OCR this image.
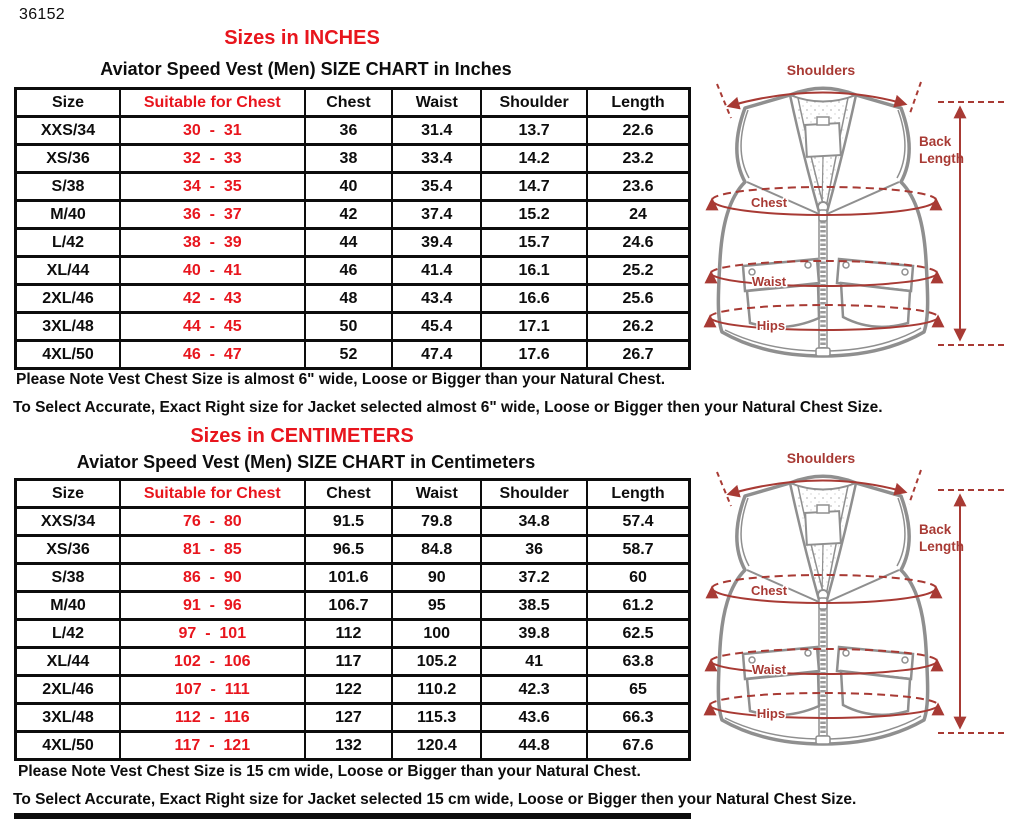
36152
Sizes in INCHES
Aviator Speed Vest (Men) SIZE CHART in Inches
Size	Suitable for Chest	Chest	Waist	Shoulder	Length
XXS/34	30  -  31	36	31.4	13.7	22.6
XS/36	32  -  33	38	33.4	14.2	23.2
S/38	34  -  35	40	35.4	14.7	23.6
M/40	36  -  37	42	37.4	15.2	24
L/42	38  -  39	44	39.4	15.7	24.6
XL/44	40  -  41	46	41.4	16.1	25.2
2XL/46	42  -  43	48	43.4	16.6	25.6
3XL/48	44  -  45	50	45.4	17.1	26.2
4XL/50	46  -  47	52	47.4	17.6	26.7

Please Note Vest Chest Size is almost 6" wide, Loose or Bigger than your Natural Chest.

To Select Accurate, Exact Right size for Jacket selected almost 6" wide, Loose or Bigger then your Natural Chest Size.

Sizes in CENTIMETERS
Aviator Speed Vest (Men) SIZE CHART in Centimeters
Size	Suitable for Chest	Chest	Waist	Shoulder	Length
XXS/34	76  -  80	91.5	79.8	34.8	57.4
XS/36	81  -  85	96.5	84.8	36	58.7
S/38	86  -  90	101.6	90	37.2	60
M/40	91  -  96	106.7	95	38.5	61.2
L/42	97  -  101	112	100	39.8	62.5
XL/44	102  -  106	117	105.2	41	63.8
2XL/46	107  -  111	122	110.2	42.3	65
3XL/48	112  -  116	127	115.3	43.6	66.3
4XL/50	117  -  121	132	120.4	44.8	67.6

Please Note Vest Chest Size is 15 cm wide, Loose or Bigger than your Natural Chest.

To Select Accurate, Exact Right size for Jacket selected 15 cm wide, Loose or Bigger then your Natural Chest Size.
